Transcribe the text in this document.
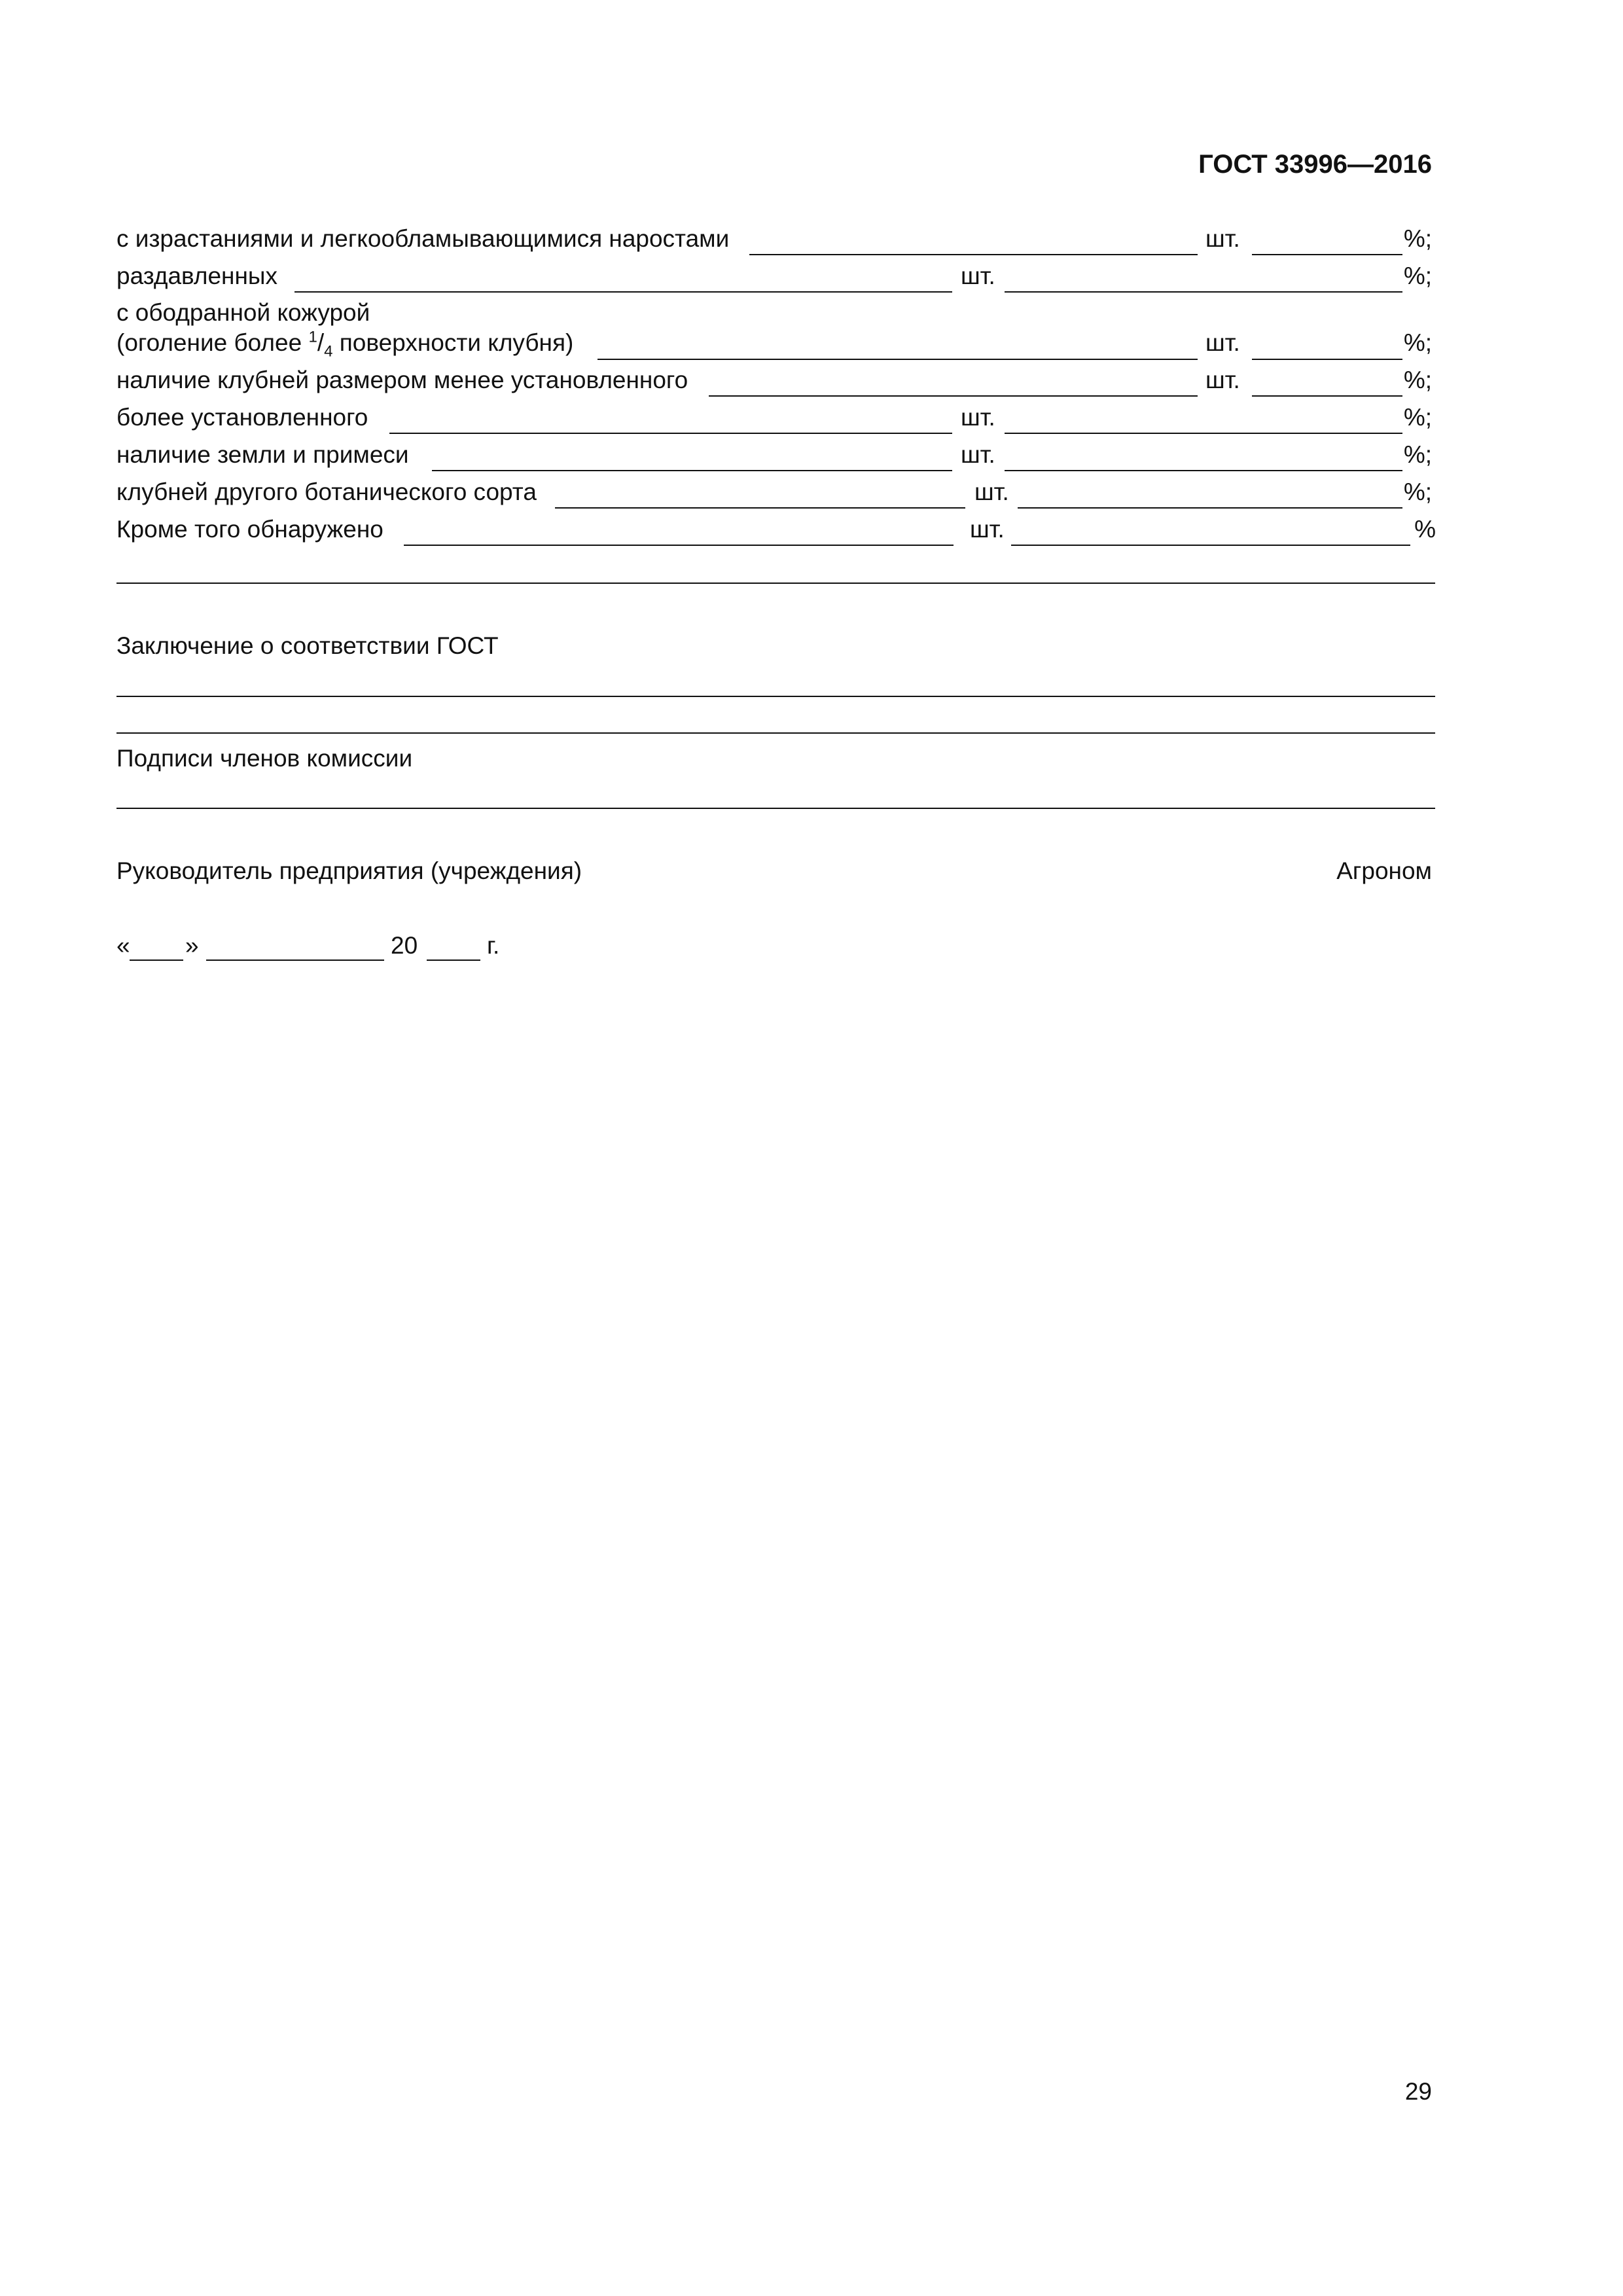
ГОСТ 33996—2016
с израстаниями и легкообламывающимися наростами	шт.	%;
раздавленных	шт.	%;
с ободранной кожурой
(оголение более $^1/_4$ поверхности клубня)	шт.	%;
наличие клубней размером менее установленного	шт.	%;
более установленного	шт.	%;
наличие земли и примеси	шт.	%;
клубней другого ботанического сорта	шт.	%;
Кроме того обнаружено	шт.	%
Заключение о соответствии ГОСТ
Подписи членов комиссии
Руководитель предприятия (учреждения)	Агроном
« »	20	г.
29
